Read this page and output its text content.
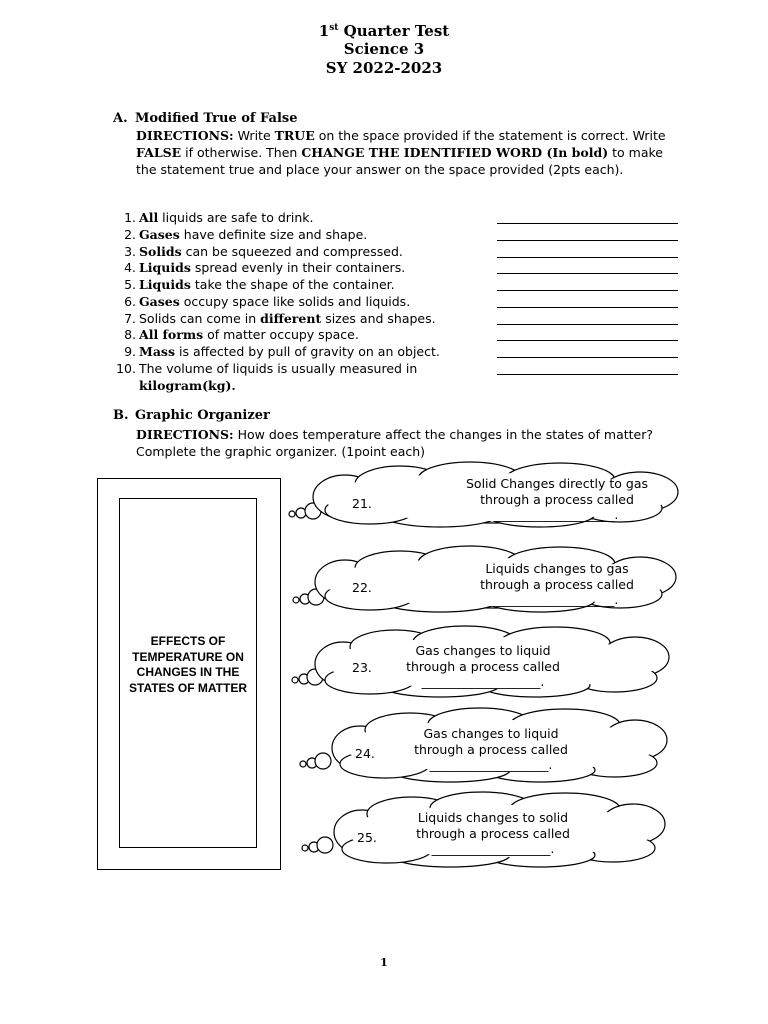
1st Quarter Test
Science 3
SY 2022-2023
A. Modified True of False
DIRECTIONS: Write TRUE on the space provided if the statement is correct. Write FALSE if otherwise. Then CHANGE THE IDENTIFIED WORD (In bold) to make the statement true and place your answer on the space provided (2pts each).
1. All liquids are safe to drink.
2. Gases have definite size and shape.
3. Solids can be squeezed and compressed.
4. Liquids spread evenly in their containers.
5. Liquids take the shape of the container.
6. Gases occupy space like solids and liquids.
7. Solids can come in different sizes and shapes.
8. All forms of matter occupy space.
9. Mass is affected by pull of gravity on an object.
10. The volume of liquids is usually measured in
kilogram(kg).
B. Graphic Organizer
DIRECTIONS: How does temperature affect the changes in the states of matter? Complete the graphic organizer. (1point each)
EFFECTS OF TEMPERATURE ON CHANGES IN THE STATES OF MATTER
21.
22.
23.
24.
25.
Solid Changes directly to gas
through a process called
___________________.
Liquids changes to gas
through a process called
___________________.
Gas changes to liquid
through a process called
___________________.
Gas changes to liquid
through a process called
___________________.
Liquids changes to solid
through a process called
___________________.
1
